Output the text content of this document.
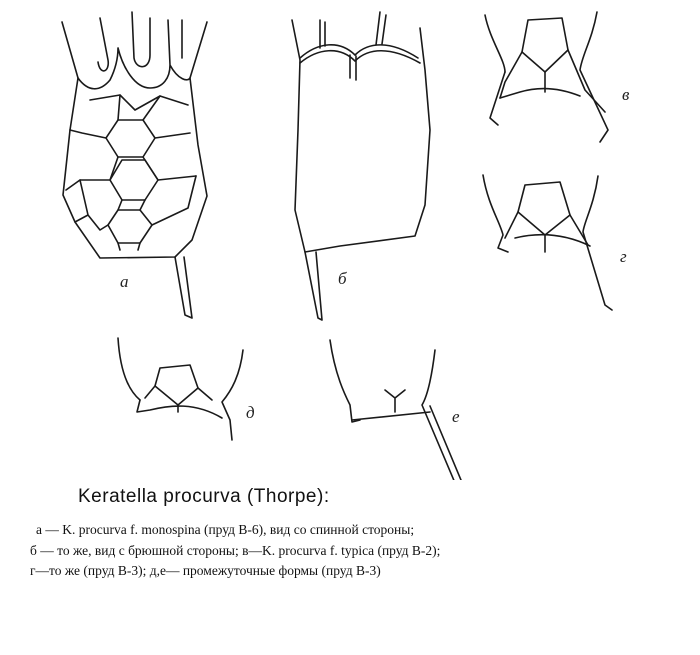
а	б
в
г
д	е
Keratella procurva (Thorpe):
а — K. procurva f. monospina (пруд В-6), вид со спинной стороны;
б — то же, вид с брюшной стороны; в—K. procurva f. typica (пруд В-2);
г—то же (пруд В-3); д,е— промежуточные формы (пруд В-3)
